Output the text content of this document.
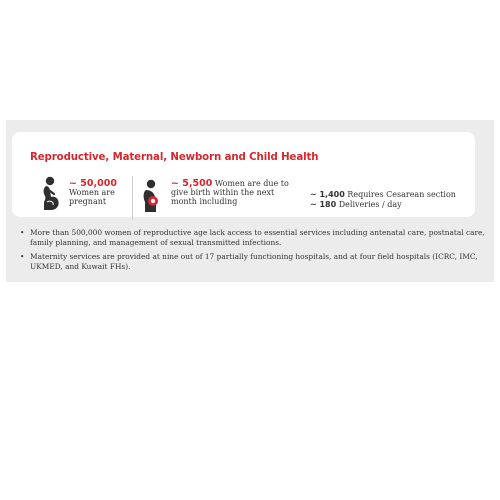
Reproductive, Maternal, Newborn and Child Health
~ 50,000
Women are pregnant
~ 5,500 Women are due to give birth within the next month including
~ 1,400 Requires Cesarean section
~ 180 Deliveries / day
• More than 500,000 women of reproductive age lack access to essential services including antenatal care, postnatal care, family planning, and management of sexual transmitted infections.
• Maternity services are provided at nine out of 17 partially functioning hospitals, and at four field hospitals (ICRC, IMC, UKMED, and Kuwait FHs).
